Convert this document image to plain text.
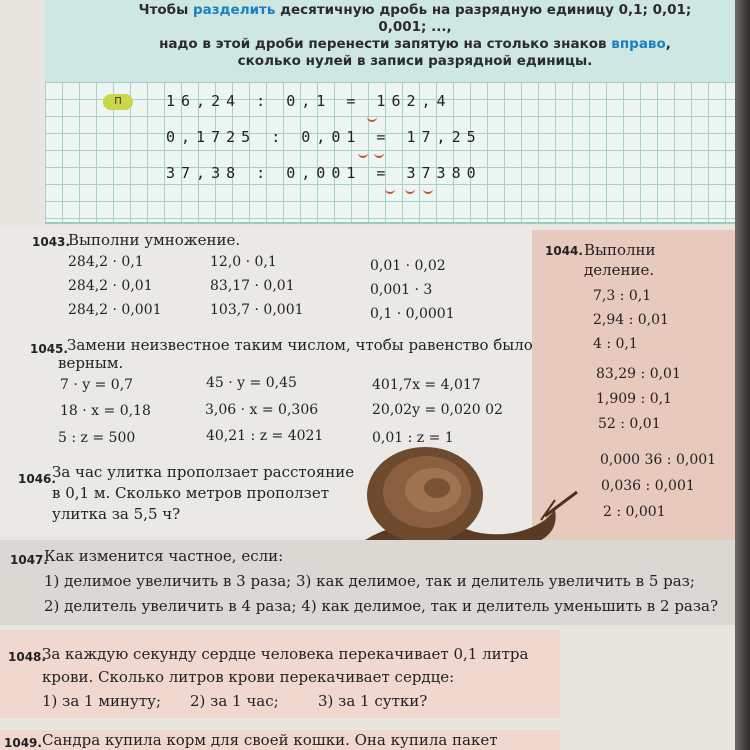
Чтобы разделить десятичную дробь на разрядную единицу 0,1; 0,01; 0,001; ...,
надо в этой дроби перенести запятую на столько знаков вправо,
сколько нулей в записи разрядной единицы.
П	16,24 : 0,1 = 162,4
0,1725 : 0,01 = 17,25
37,38 : 0,001 = 37380
1043.
Выполни умножение.
284,2 · 0,1
284,2 · 0,01
284,2 · 0,001
12,0 · 0,1
83,17 · 0,01
103,7 · 0,001
0,01 · 0,02
0,001 · 3
0,1 · 0,0001
1044. Выполни
деление.
7,3 : 0,1
2,94 : 0,01
4 : 0,1
83,29 : 0,01
1,909 : 0,1
52 : 0,01
0,000 36 : 0,001
0,036 : 0,001
2 : 0,001
1045. Замени неизвестное таким числом, чтобы равенство было
верным.
7 · y = 0,7
18 · x = 0,18
5 : z = 500
45 · y = 0,45
3,06 · x = 0,306
40,21 : z = 4021
401,7x = 4,017
20,02y = 0,020 02
0,01 : z = 1
1046.
За час улитка проползает расстояние
в 0,1 м. Сколько метров проползет
улитка за 5,5 ч?
1047.
Как изменится частное, если:
1) делимое увеличить в 3 раза; 3) как делимое, так и делитель увеличить в 5 раз;
2) делитель увеличить в 4 раза; 4) как делимое, так и делитель уменьшить в 2 раза?
1048.
За каждую секунду сердце человека перекачивает 0,1 литра
крови. Сколько литров крови перекачивает сердце:
1) за 1 минуту; 2) за 1 час;	3) за 1 сутки?
1049. Сандра купила корм для своей кошки. Она купила пакет
